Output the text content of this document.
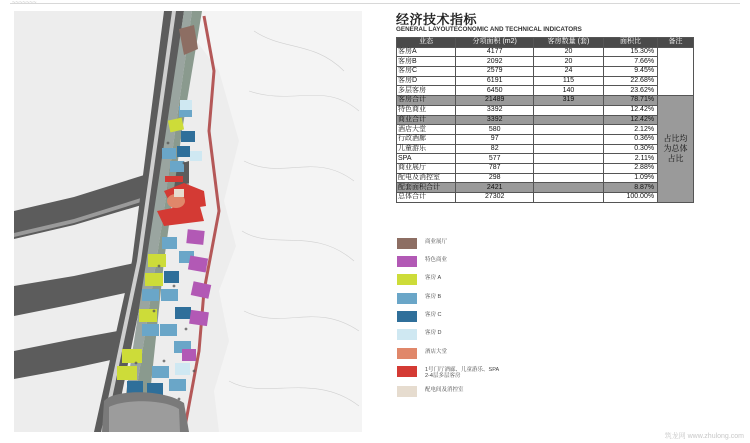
经济技术指标
GENERAL LAYOUTECONOMIC AND TECHNICAL INDICATORS
业态	分项面积 (m2)	客房数量 (套)	面积比	备注
客房A	4177	20	15.30%	
客房B	2092	20	7.66%	
客房C	2579	24	9.45%	
客房D	6191	115	22.68%	
多层客房	6450	140	23.62%	
客房合计	21489	319	78.71%	占比均为总体占比
特色商业	3392		12.42%	
商业合计	3392		12.42%	
酒店大堂	580		2.12%	
行政酒廊	97		0.36%	
儿童游乐	82		0.30%	
SPA	577		2.11%	
商业展厅	787		2.88%	
配电及消控室	298		1.09%	
配套面积合计	2421		8.87%	
总体合计	27302		100.00%	
商业展厅
特色商业
客房 A
客房 B
客房 C
客房 D
酒店大堂
1号门厅酒廊、儿童游乐、SPA
2-4层多层客房
配电间及消控室
筑龙网 www.zhulong.com
